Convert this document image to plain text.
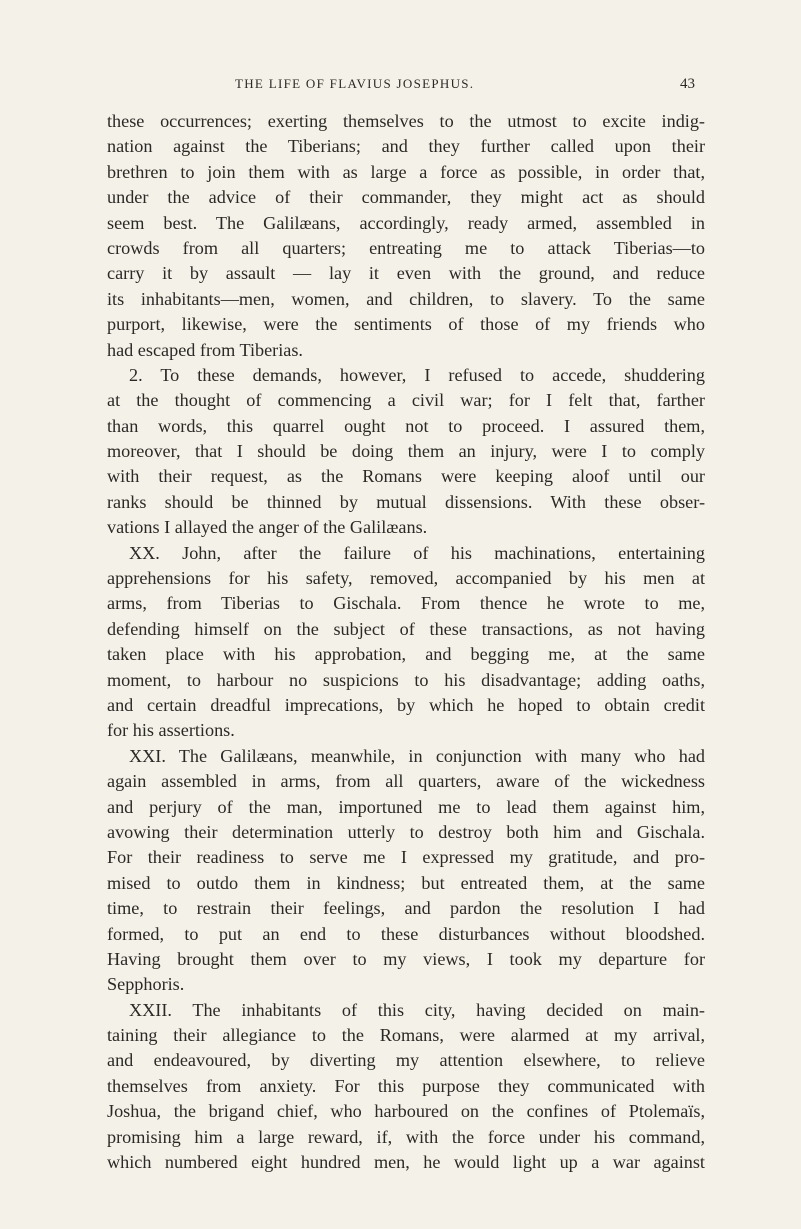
THE LIFE OF FLAVIUS JOSEPHUS.	43
these occurrences; exerting themselves to the utmost to excite indig-
nation against the Tiberians; and they further called upon their
brethren to join them with as large a force as possible, in order that,
under the advice of their commander, they might act as should
seem best. The Galilæans, accordingly, ready armed, assembled in
crowds from all quarters; entreating me to attack Tiberias—to
carry it by assault — lay it even with the ground, and reduce
its inhabitants—men, women, and children, to slavery. To the same
purport, likewise, were the sentiments of those of my friends who
had escaped from Tiberias.
2. To these demands, however, I refused to accede, shuddering
at the thought of commencing a civil war; for I felt that, farther
than words, this quarrel ought not to proceed. I assured them,
moreover, that I should be doing them an injury, were I to comply
with their request, as the Romans were keeping aloof until our
ranks should be thinned by mutual dissensions. With these obser-
vations I allayed the anger of the Galilæans.
XX. John, after the failure of his machinations, entertaining
apprehensions for his safety, removed, accompanied by his men at
arms, from Tiberias to Gischala. From thence he wrote to me,
defending himself on the subject of these transactions, as not having
taken place with his approbation, and begging me, at the same
moment, to harbour no suspicions to his disadvantage; adding oaths,
and certain dreadful imprecations, by which he hoped to obtain credit
for his assertions.
XXI. The Galilæans, meanwhile, in conjunction with many who had
again assembled in arms, from all quarters, aware of the wickedness
and perjury of the man, importuned me to lead them against him,
avowing their determination utterly to destroy both him and Gischala.
For their readiness to serve me I expressed my gratitude, and pro-
mised to outdo them in kindness; but entreated them, at the same
time, to restrain their feelings, and pardon the resolution I had
formed, to put an end to these disturbances without bloodshed.
Having brought them over to my views, I took my departure for
Sepphoris.
XXII. The inhabitants of this city, having decided on main-
taining their allegiance to the Romans, were alarmed at my arrival,
and endeavoured, by diverting my attention elsewhere, to relieve
themselves from anxiety. For this purpose they communicated with
Joshua, the brigand chief, who harboured on the confines of Ptolemaïs,
promising him a large reward, if, with the force under his command,
which numbered eight hundred men, he would light up a war against
